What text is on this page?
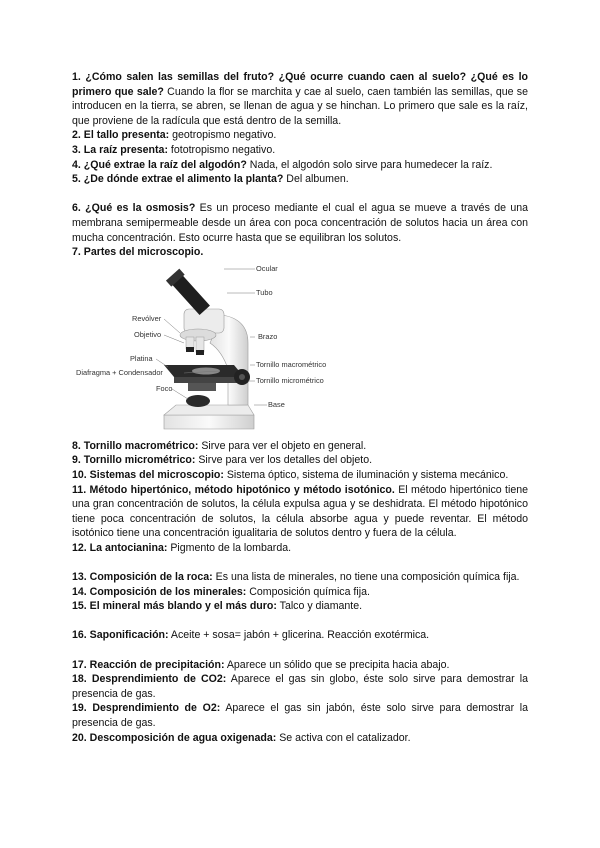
1. ¿Cómo salen las semillas del fruto? ¿Qué ocurre cuando caen al suelo? ¿Qué es lo primero que sale? Cuando la flor se marchita y cae al suelo, caen también las semillas, que se introducen en la tierra, se abren, se llenan de agua y se hinchan. Lo primero que sale es la raíz, que proviene de la radícula que está dentro de la semilla.

2. El tallo presenta: geotropismo negativo.

3. La raíz presenta: fototropismo negativo.

4. ¿Qué extrae la raíz del algodón? Nada, el algodón solo sirve para humedecer la raíz.

5. ¿De dónde extrae el alimento la planta? Del albumen.

6. ¿Qué es la osmosis? Es un proceso mediante el cual el agua se mueve a través de una membrana semipermeable desde un área con poca concentración de solutos hacia un área con mucha concentración. Esto ocurre hasta que se equilibran los solutos.

7. Partes del microscopio.

Ocular
Tubo
Revólver
Objetivo	Brazo
Platina
Tornillo macrométrico
Diafragma + Condensador
Tornillo micrométrico
Foco
Base

8. Tornillo macrométrico: Sirve para ver el objeto en general.

9. Tornillo micrométrico: Sirve para ver los detalles del objeto.

10. Sistemas del microscopio: Sistema óptico, sistema de iluminación y sistema mecánico.

11. Método hipertónico, método hipotónico y método isotónico. El método hipertónico tiene una gran concentración de solutos, la célula expulsa agua y se deshidrata. El método hipotónico tiene poca concentración de solutos, la célula absorbe agua y puede reventar. El método isotónico tiene una concentración igualitaria de solutos dentro y fuera de la célula.

12. La antocianina: Pigmento de la lombarda.

13. Composición de la roca: Es una lista de minerales, no tiene una composición química fija.

14. Composición de los minerales: Composición química fija.

15. El mineral más blando y el más duro: Talco y diamante.

16. Saponificación: Aceite + sosa= jabón + glicerina. Reacción exotérmica.

17. Reacción de precipitación: Aparece un sólido que se precipita hacia abajo.

18. Desprendimiento de CO2: Aparece el gas sin globo, éste solo sirve para demostrar la presencia de gas.

19. Desprendimiento de O2: Aparece el gas sin jabón, éste solo sirve para demostrar la presencia de gas.

20. Descomposición de agua oxigenada: Se activa con el catalizador.
